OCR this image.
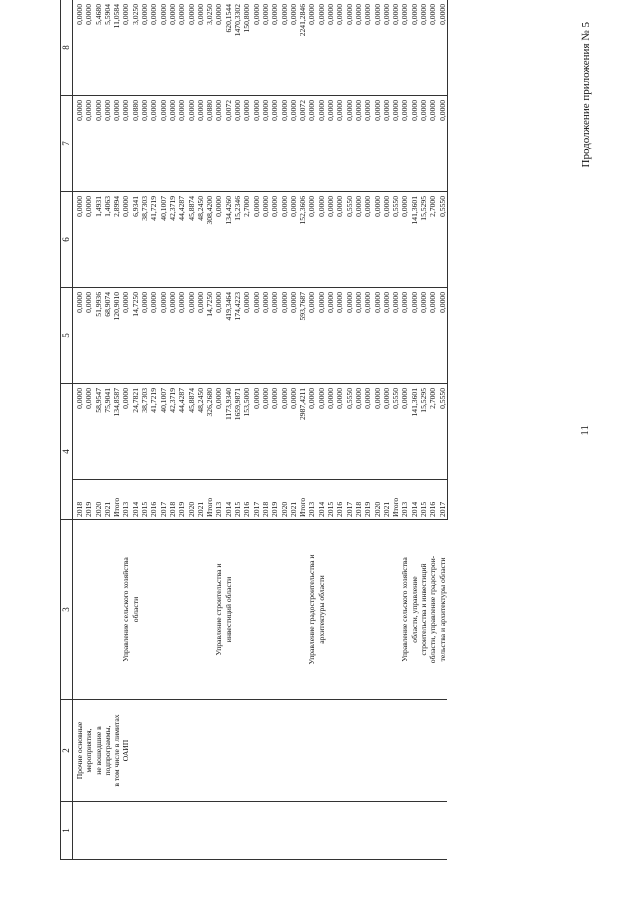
1	2	3	4		5	6	7	8

	Прочие основные мероприятия, не вошедшие в подпрограммы, в том числе в лимитах ОАИП		2018	0,0000	0,0000	0,0000	0,0000	0,0000
			2019	0,0000	0,0000	0,0000	0,0000	0,0000
			2020	58,9547	51,9936	1,4931	0,0000	5,4680
			2021	75,9041	68,9074	1,4063	0,0000	5,5904
			Итого	134,8587	120,9010	2,8994	0,0000	11,0584

		Управление сельского хозяйства области	2013	0,0000	0,0000	0,0000	0,0000	0,0000
			2014	24,7821	14,7250	6,9341	0,0880	3,0250
			2015	38,7303	0,0000	38,7303	0,0000	0,0000
			2016	41,7219	0,0000	41,7219	0,0000	0,0000
			2017	40,1007	0,0000	40,1007	0,0000	0,0000
			2018	42,3719	0,0000	42,3719	0,0000	0,0000
			2019	44,4287	0,0000	44,4287	0,0000	0,0000
			2020	45,8874	0,0000	45,8874	0,0000	0,0000
			2021	48,2450	0,0000	48,2450	0,0000	0,0000
			Итого	326,2680	14,7250	308,4200	0,0880	3,0250

		Управление строительства и инвестиций области	2013	0,0000	0,0000	0,0000	0,0000	0,0000
			2014	1173,9340	419,3464	134,4260	0,0072	620,1544
			2015	1659,9871	174,4223	15,2346	0,0000	1470,3302
			2016	153,5000	0,0000	2,7000	0,0000	150,8000
			2017	0,0000	0,0000	0,0000	0,0000	0,0000
			2018	0,0000	0,0000	0,0000	0,0000	0,0000
			2019	0,0000	0,0000	0,0000	0,0000	0,0000
			2020	0,0000	0,0000	0,0000	0,0000	0,0000
			2021	0,0000	0,0000	0,0000	0,0000	0,0000
			Итого	2987,4211	593,7687	152,3606	0,0072	2241,2846

		Управление градостроительства и архитектуры области	2013	0,0000	0,0000	0,0000	0,0000	0,0000
			2014	0,0000	0,0000	0,0000	0,0000	0,0000
			2015	0,0000	0,0000	0,0000	0,0000	0,0000
			2016	0,0000	0,0000	0,0000	0,0000	0,0000
			2017	0,5550	0,0000	0,5550	0,0000	0,0000
			2018	0,0000	0,0000	0,0000	0,0000	0,0000
			2019	0,0000	0,0000	0,0000	0,0000	0,0000
			2020	0,0000	0,0000	0,0000	0,0000	0,0000
			2021	0,0000	0,0000	0,0000	0,0000	0,0000
			Итого	0,5550	0,0000	0,5550	0,0000	0,0000

		Управление сельского хозяйства области, управление строительства и инвестиций области, управление градострои- тельства и архитектуры области	2013	0,0000	0,0000	0,0000	0,0000	0,0000
			2014	141,3601	0,0000	141,3601	0,0000	0,0000
			2015	15,5295	0,0000	15,5295	0,0000	0,0000
			2016	2,7000	0,0000	2,7000	0,0000	0,0000
			2017	0,5550	0,0000	0,5550	0,0000	0,0000
11
Продолжение приложения № 5
